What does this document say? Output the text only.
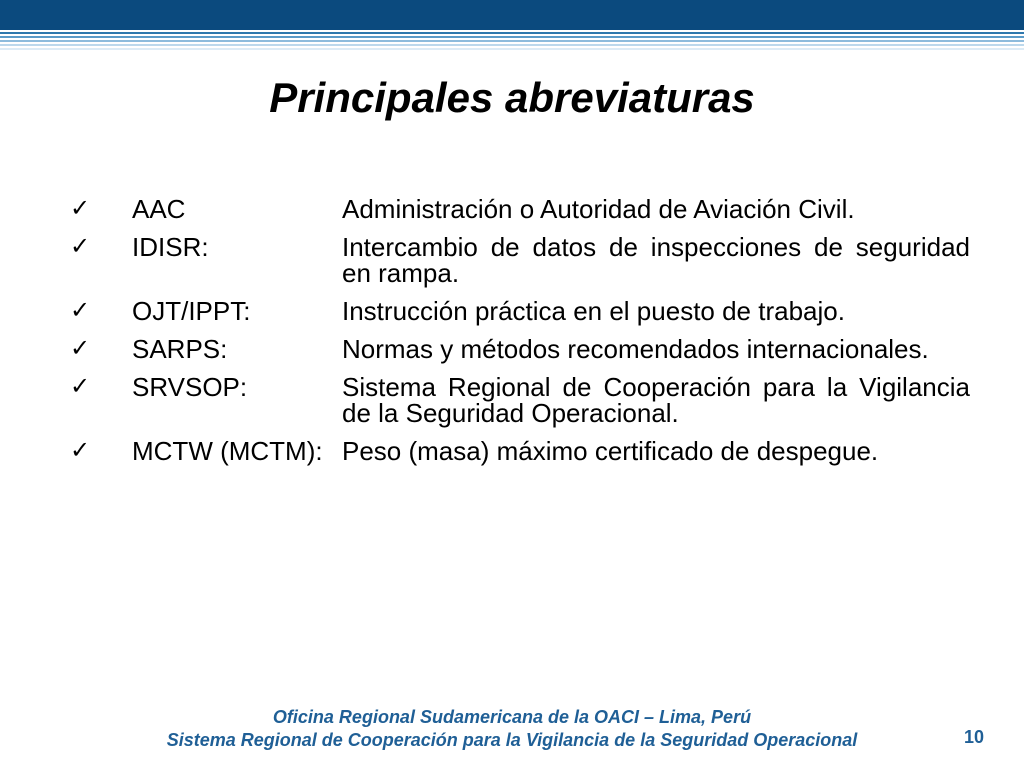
Principales abreviaturas
✓	AAC	Administración o Autoridad de Aviación Civil.
✓	IDISR:	Intercambio de datos de inspecciones de seguridad en rampa.
✓	OJT/IPPT:	Instrucción práctica en el puesto de trabajo.
✓	SARPS:	Normas y métodos recomendados internacionales.
✓	SRVSOP:	Sistema Regional de Cooperación para la Vigilancia de la Seguridad Operacional.
✓	MCTW (MCTM): Peso (masa) máximo certificado de despegue.

Oficina Regional Sudamericana de la OACI – Lima, Perú

Sistema Regional de Cooperación para la Vigilancia de la Seguridad Operacional	10
